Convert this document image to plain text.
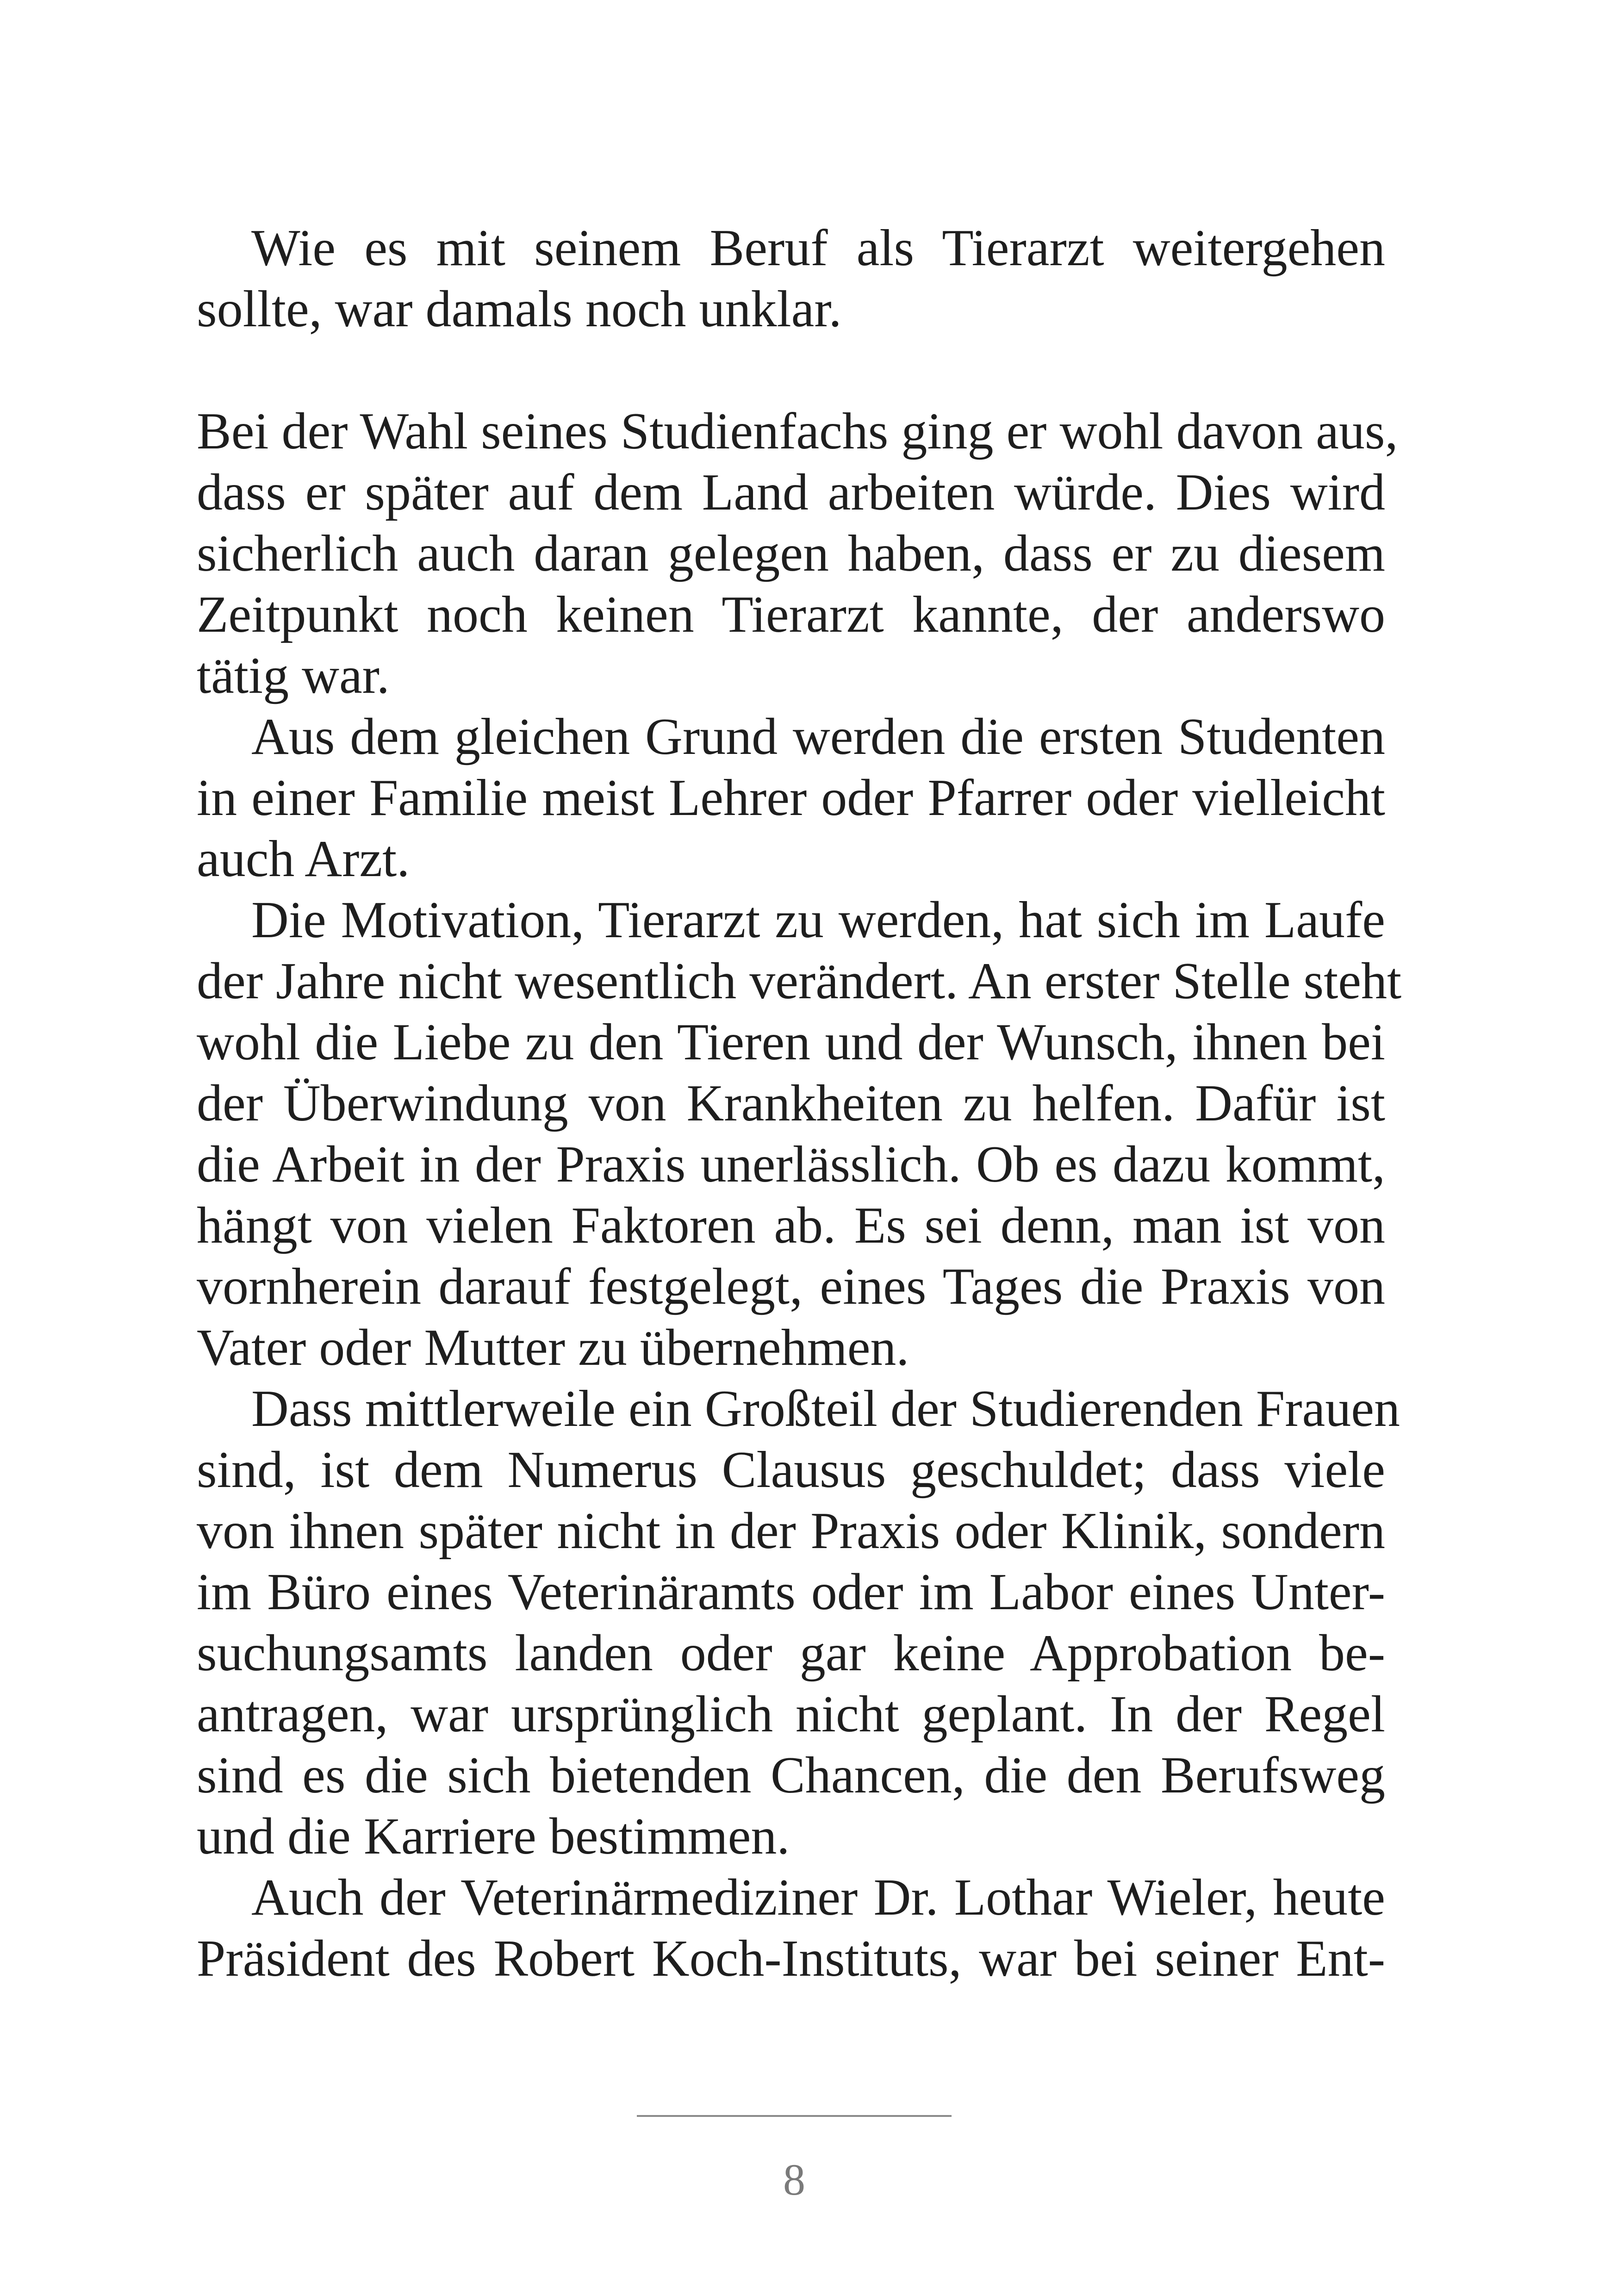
Wie es mit seinem Beruf als Tierarzt weitergehen
sollte, war damals noch unklar.

Bei der Wahl seines Studienfachs ging er wohl davon aus,
dass er später auf dem Land arbeiten würde. Dies wird
sicherlich auch daran gelegen haben, dass er zu diesem
Zeitpunkt noch keinen Tierarzt kannte, der anderswo
tätig war.

Aus dem gleichen Grund werden die ersten Studenten
in einer Familie meist Lehrer oder Pfarrer oder vielleicht
auch Arzt.

Die Motivation, Tierarzt zu werden, hat sich im Laufe
der Jahre nicht wesentlich verändert. An erster Stelle steht
wohl die Liebe zu den Tieren und der Wunsch, ihnen bei
der Überwindung von Krankheiten zu helfen. Dafür ist
die Arbeit in der Praxis unerlässlich. Ob es dazu kommt,
hängt von vielen Faktoren ab. Es sei denn, man ist von
vornherein darauf festgelegt, eines Tages die Praxis von
Vater oder Mutter zu übernehmen.

Dass mittlerweile ein Großteil der Studierenden Frauen
sind, ist dem Numerus Clausus geschuldet; dass viele
von ihnen später nicht in der Praxis oder Klinik, sondern
im Büro eines Veterinäramts oder im Labor eines Unter-
suchungsamts landen oder gar keine Approbation be-
antragen, war ursprünglich nicht geplant. In der Regel
sind es die sich bietenden Chancen, die den Berufsweg
und die Karriere bestimmen.

Auch der Veterinärmediziner Dr. Lothar Wieler, heute
Präsident des Robert Koch-Instituts, war bei seiner Ent-

8
